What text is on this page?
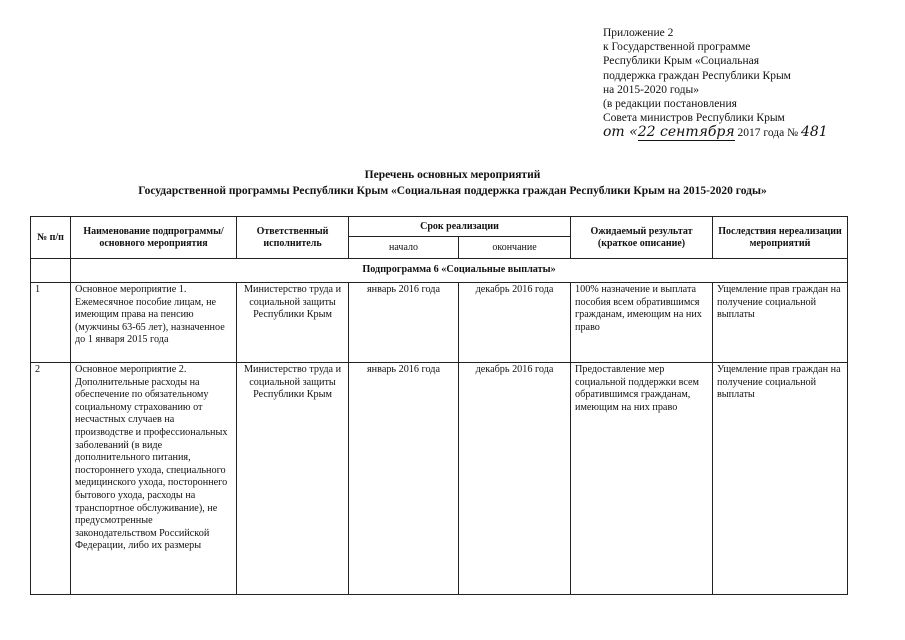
Приложение 2
к Государственной программе
Республики Крым «Социальная
поддержка граждан Республики Крым
на 2015-2020 годы»
(в редакции постановления
Совета министров Республики Крым
от «22 сентября 2017 года № 481
Перечень основных мероприятий
Государственной программы Республики Крым «Социальная поддержка граждан Республики Крым на 2015-2020 годы»
№ п/п	Наименование подпрограммы/ основного мероприятия	Ответственный исполнитель	Срок реализации		Ожидаемый результат (краткое описание)	Последствия нереализации мероприятий
			начало	окончание		
	Подпрограмма 6 «Социальные выплаты»					
1	Основное мероприятие 1. Ежемесячное пособие лицам, не имеющим права на пенсию (мужчины 63-65 лет), назначенное до 1 января 2015 года	Министерство труда и социальной защиты Республики Крым	январь 2016 года	декабрь 2016 года	100% назначение и выплата пособия всем обратившимся гражданам, имеющим на них право	Ущемление прав граждан на получение социальной выплаты
2	Основное мероприятие 2. Дополнительные расходы на обеспечение по обязательному социальному страхованию от несчастных случаев на производстве и профессиональных заболеваний (в виде дополнительного питания, постороннего ухода, специального медицинского ухода, постороннего бытового ухода, расходы на транспортное обслуживание), не предусмотренные законодательством Российской Федерации, либо их размеры	Министерство труда и социальной защиты Республики Крым	январь 2016 года	декабрь 2016 года	Предоставление мер социальной поддержки всем обратившимся гражданам, имеющим на них право	Ущемление прав граждан на получение социальной выплаты
